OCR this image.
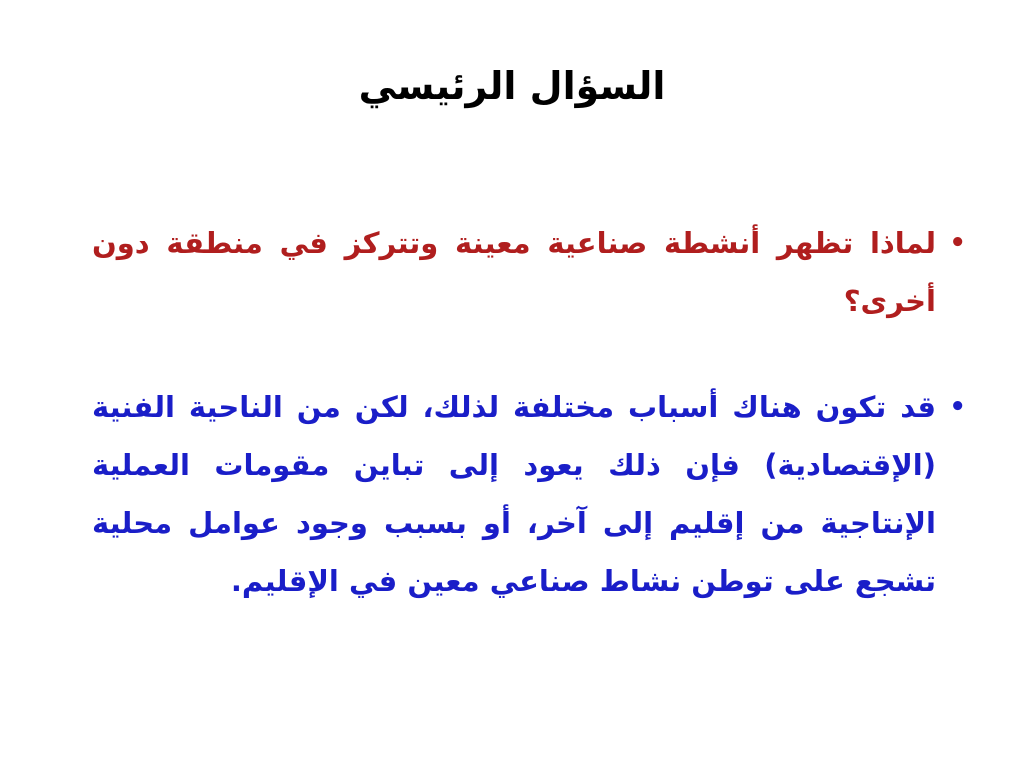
السؤال الرئيسي
•
لماذا تظهر أنشطة صناعية معينة وتتركز في منطقة دون أخرى؟
•
قد تكون هناك أسباب مختلفة لذلك، لكن من الناحية الفنية (الإقتصادية) فإن ذلك يعود إلى تباين مقومات العملية الإنتاجية من إقليم إلى آخر، أو بسبب وجود عوامل محلية تشجع على توطن نشاط صناعي معين في الإقليم.
